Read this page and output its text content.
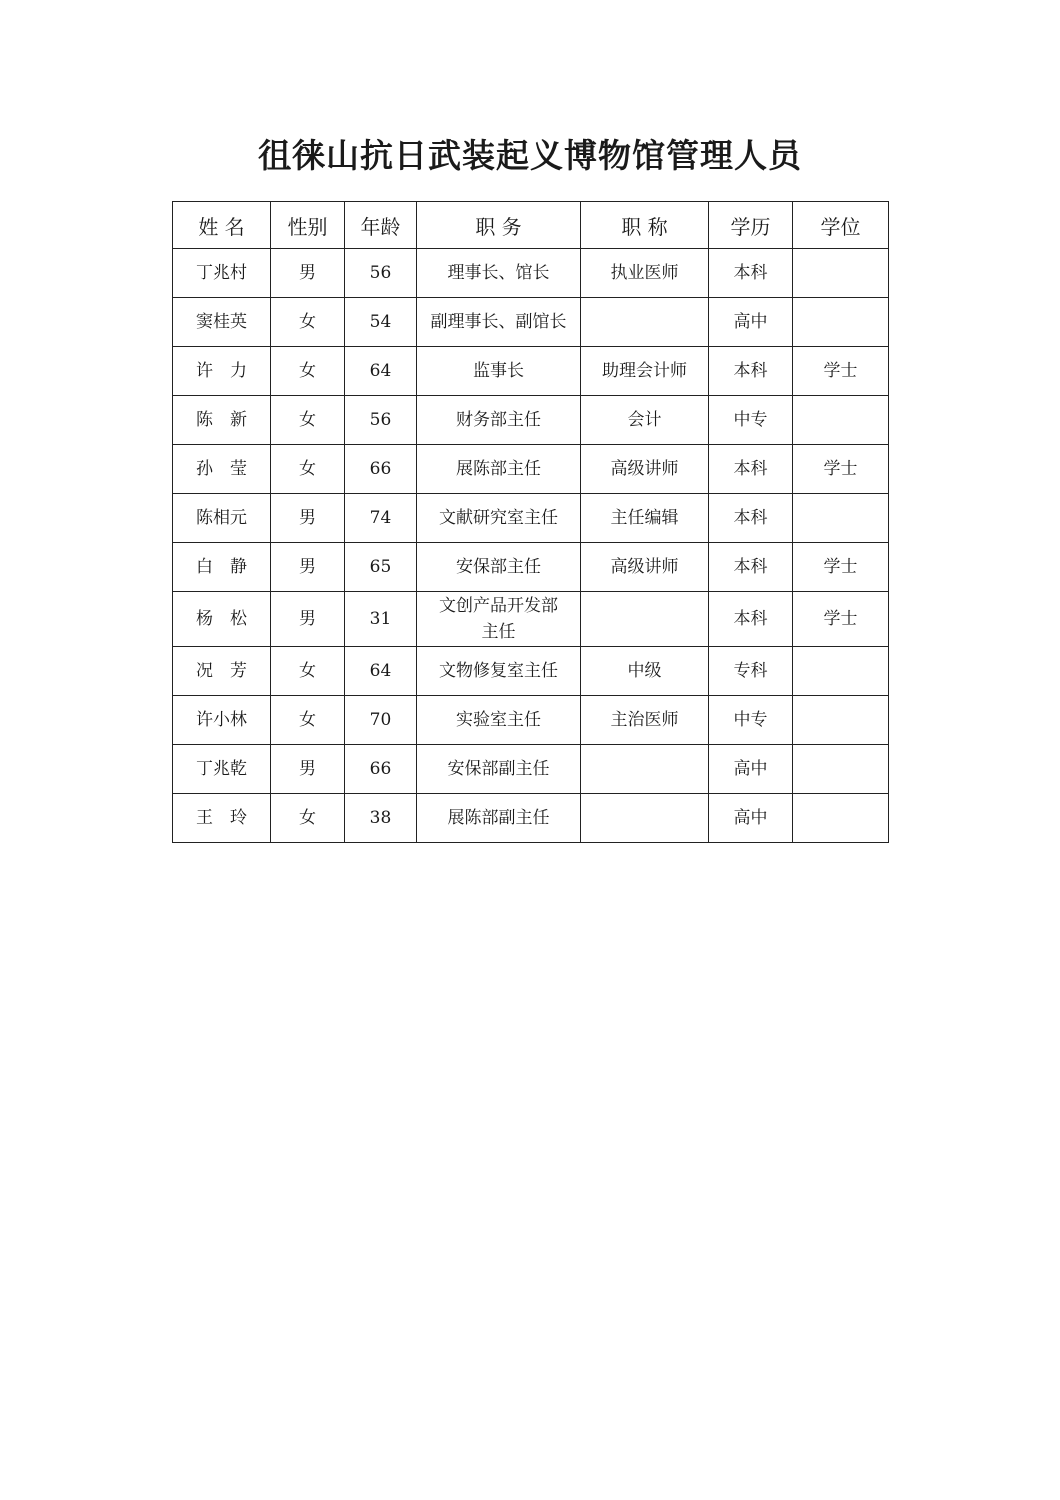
徂徕山抗日武装起义博物馆管理人员
姓 名	性别	年龄	职 务	职 称	学历	学位
丁兆村	男	56	理事长、馆长	执业医师	本科	
窦桂英	女	54	副理事长、副馆长		高中	
许　力	女	64	监事长	助理会计师	本科	学士
陈　新	女	56	财务部主任	会计	中专	
孙　莹	女	66	展陈部主任	高级讲师	本科	学士
陈相元	男	74	文献研究室主任	主任编辑	本科	
白　静	男	65	安保部主任	高级讲师	本科	学士
杨　松	男	31	文创产品开发部主任		本科	学士
况　芳	女	64	文物修复室主任	中级	专科	
许小林	女	70	实验室主任	主治医师	中专	
丁兆乾	男	66	安保部副主任		高中	
王　玲	女	38	展陈部副主任		高中	
